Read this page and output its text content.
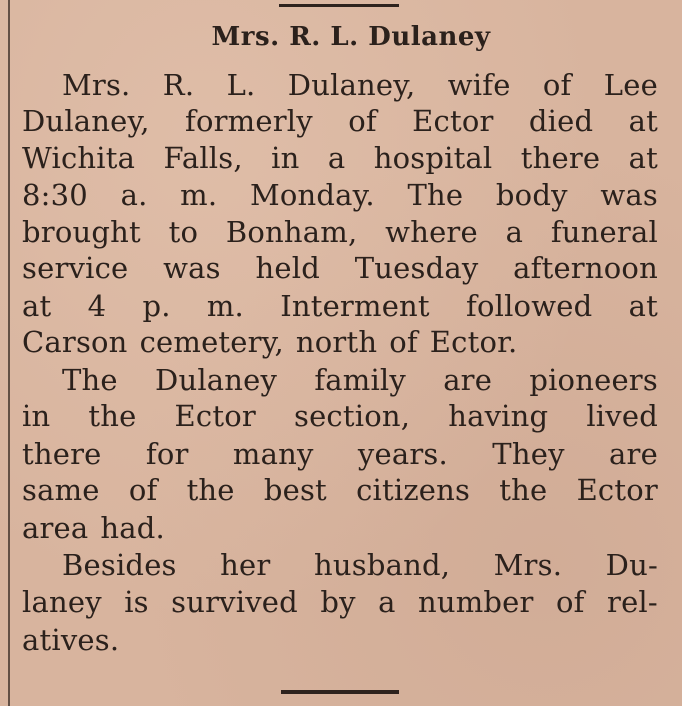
Mrs. R. L. Dulaney
Mrs. R. L. Dulaney, wife of Lee
Dulaney, formerly of Ector died at
Wichita Falls, in a hospital there at
8:30 a. m. Monday. The body was
brought to Bonham, where a funeral
service was held Tuesday afternoon
at 4 p. m. Interment followed at
Carson cemetery, north of Ector.
The Dulaney family are pioneers
in the Ector section, having lived
there for many years. They are
same of the best citizens the Ector
area had.
Besides her husband, Mrs. Du-
laney is survived by a number of rel-
atives.
